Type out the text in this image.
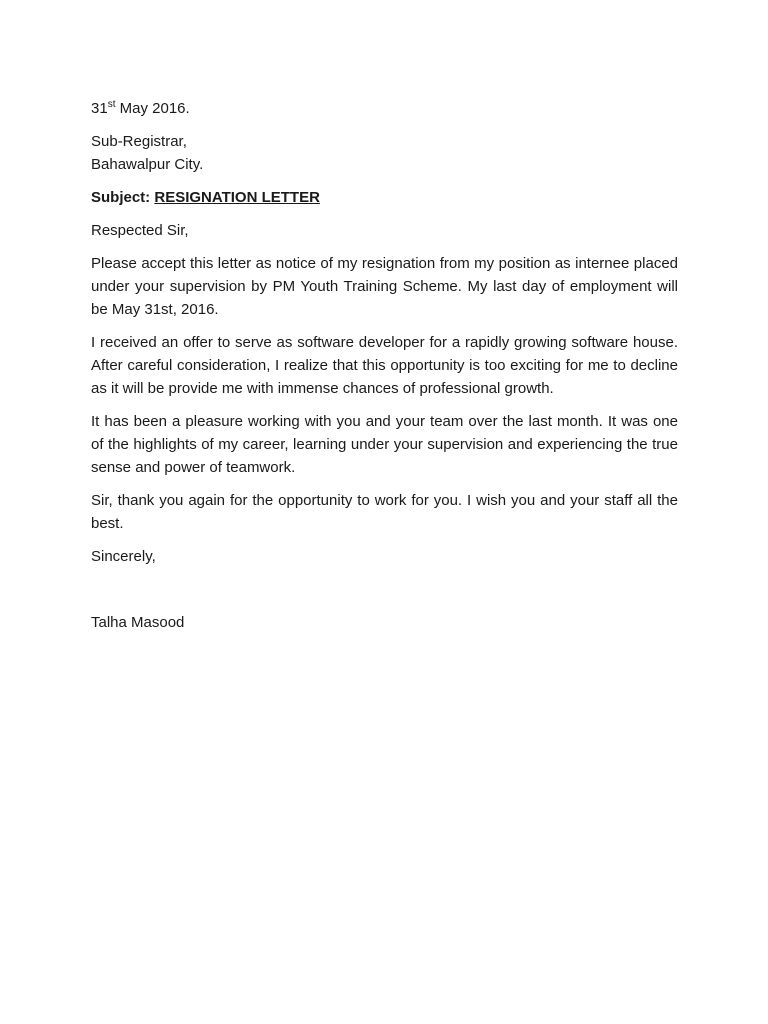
31st May 2016.

Sub-Registrar,

Bahawalpur City.

Subject: RESIGNATION LETTER

Respected Sir,

Please accept this letter as notice of my resignation from my position as internee placed under your supervision by PM Youth Training Scheme. My last day of employment will be May 31st, 2016.

I received an offer to serve as software developer for a rapidly growing software house. After careful consideration, I realize that this opportunity is too exciting for me to decline as it will be provide me with immense chances of professional growth.

It has been a pleasure working with you and your team over the last month. It was one of the highlights of my career, learning under your supervision and experiencing the true sense and power of teamwork.

Sir, thank you again for the opportunity to work for you. I wish you and your staff all the best.

Sincerely,

Talha Masood
